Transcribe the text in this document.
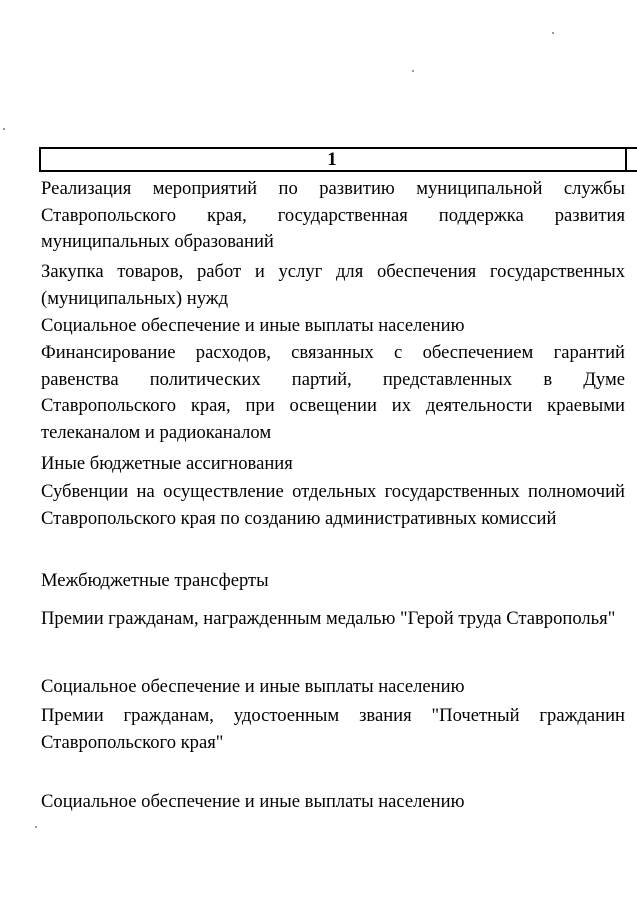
1
Реализация мероприятий по развитию муниципальной службы Ставропольского края, государственная поддержка развития муниципальных образований
Закупка товаров, работ и услуг для обеспечения государственных (муниципальных) нужд
Социальное обеспечение и иные выплаты населению
Финансирование расходов, связанных с обеспечением гарантий равенства политических партий, представленных в Думе Ставропольского края, при освещении их деятельности краевыми телеканалом и радиоканалом
Иные бюджетные ассигнования
Субвенции на осуществление отдельных государственных полномочий Ставропольского края по созданию административных комиссий
Межбюджетные трансферты
Премии гражданам, награжденным медалью "Герой труда Ставрополья"
Социальное обеспечение и иные выплаты населению
Премии гражданам, удостоенным звания "Почетный гражданин Ставропольского края"
Социальное обеспечение и иные выплаты населению
